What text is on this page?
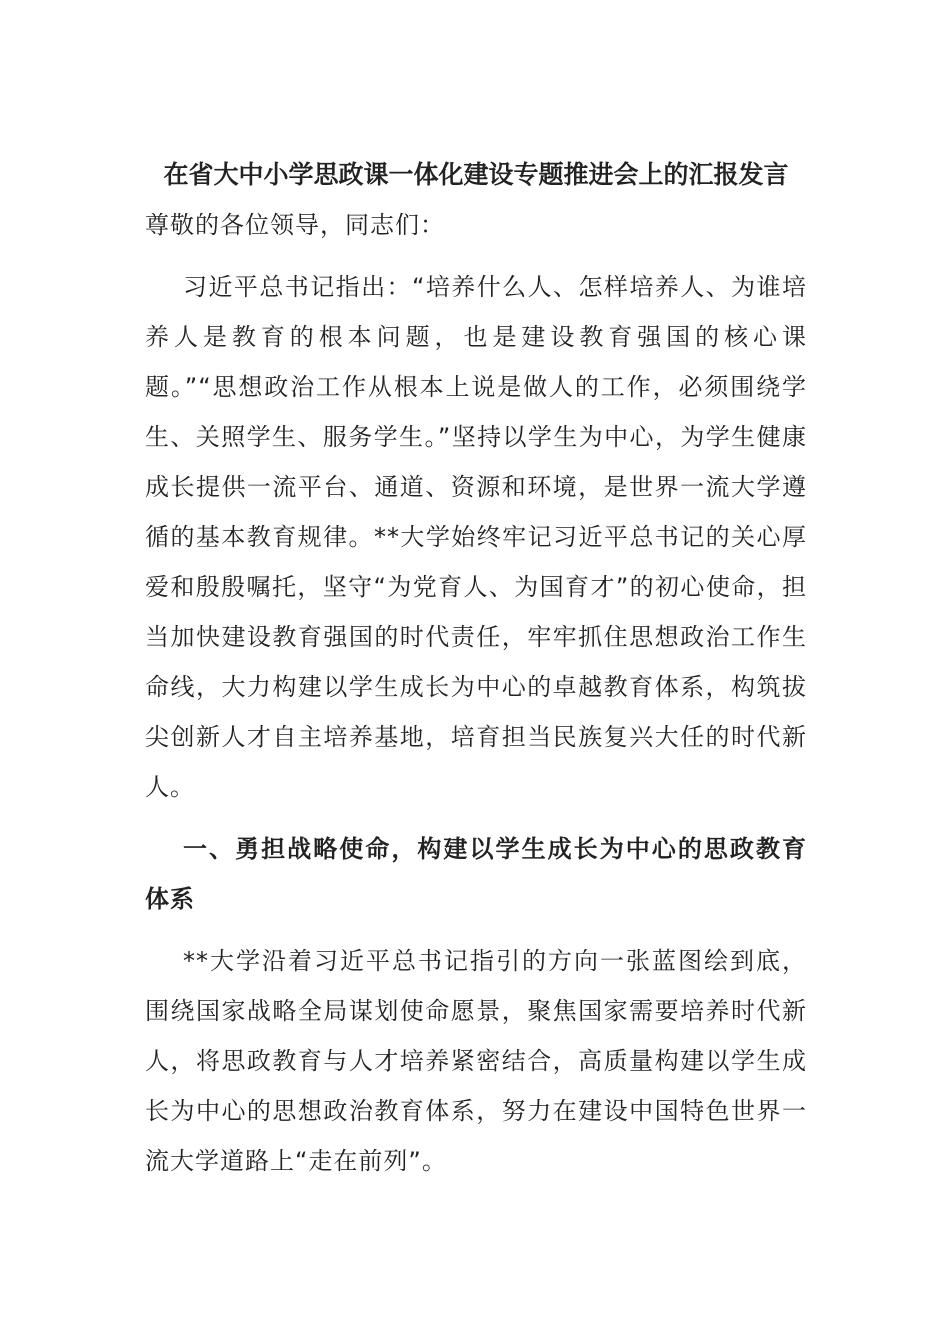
在省大中小学思政课一体化建设专题推进会上的汇报发言

尊敬的各位领导，同志们：

习近平总书记指出：“培养什么人、怎样培养人、为谁培养人是教育的根本问题，也是建设教育强国的核心课题。”“思想政治工作从根本上说是做人的工作，必须围绕学生、关照学生、服务学生。”坚持以学生为中心，为学生健康成长提供一流平台、通道、资源和环境，是世界一流大学遵循的基本教育规律。**大学始终牢记习近平总书记的关心厚爱和殷殷嘱托，坚守“为党育人、为国育才”的初心使命，担当加快建设教育强国的时代责任，牢牢抓住思想政治工作生命线，大力构建以学生成长为中心的卓越教育体系，构筑拔尖创新人才自主培养基地，培育担当民族复兴大任的时代新人。

一、勇担战略使命，构建以学生成长为中心的思政教育体系

**大学沿着习近平总书记指引的方向一张蓝图绘到底，围绕国家战略全局谋划使命愿景，聚焦国家需要培养时代新人，将思政教育与人才培养紧密结合，高质量构建以学生成长为中心的思想政治教育体系，努力在建设中国特色世界一流大学道路上“走在前列”。
